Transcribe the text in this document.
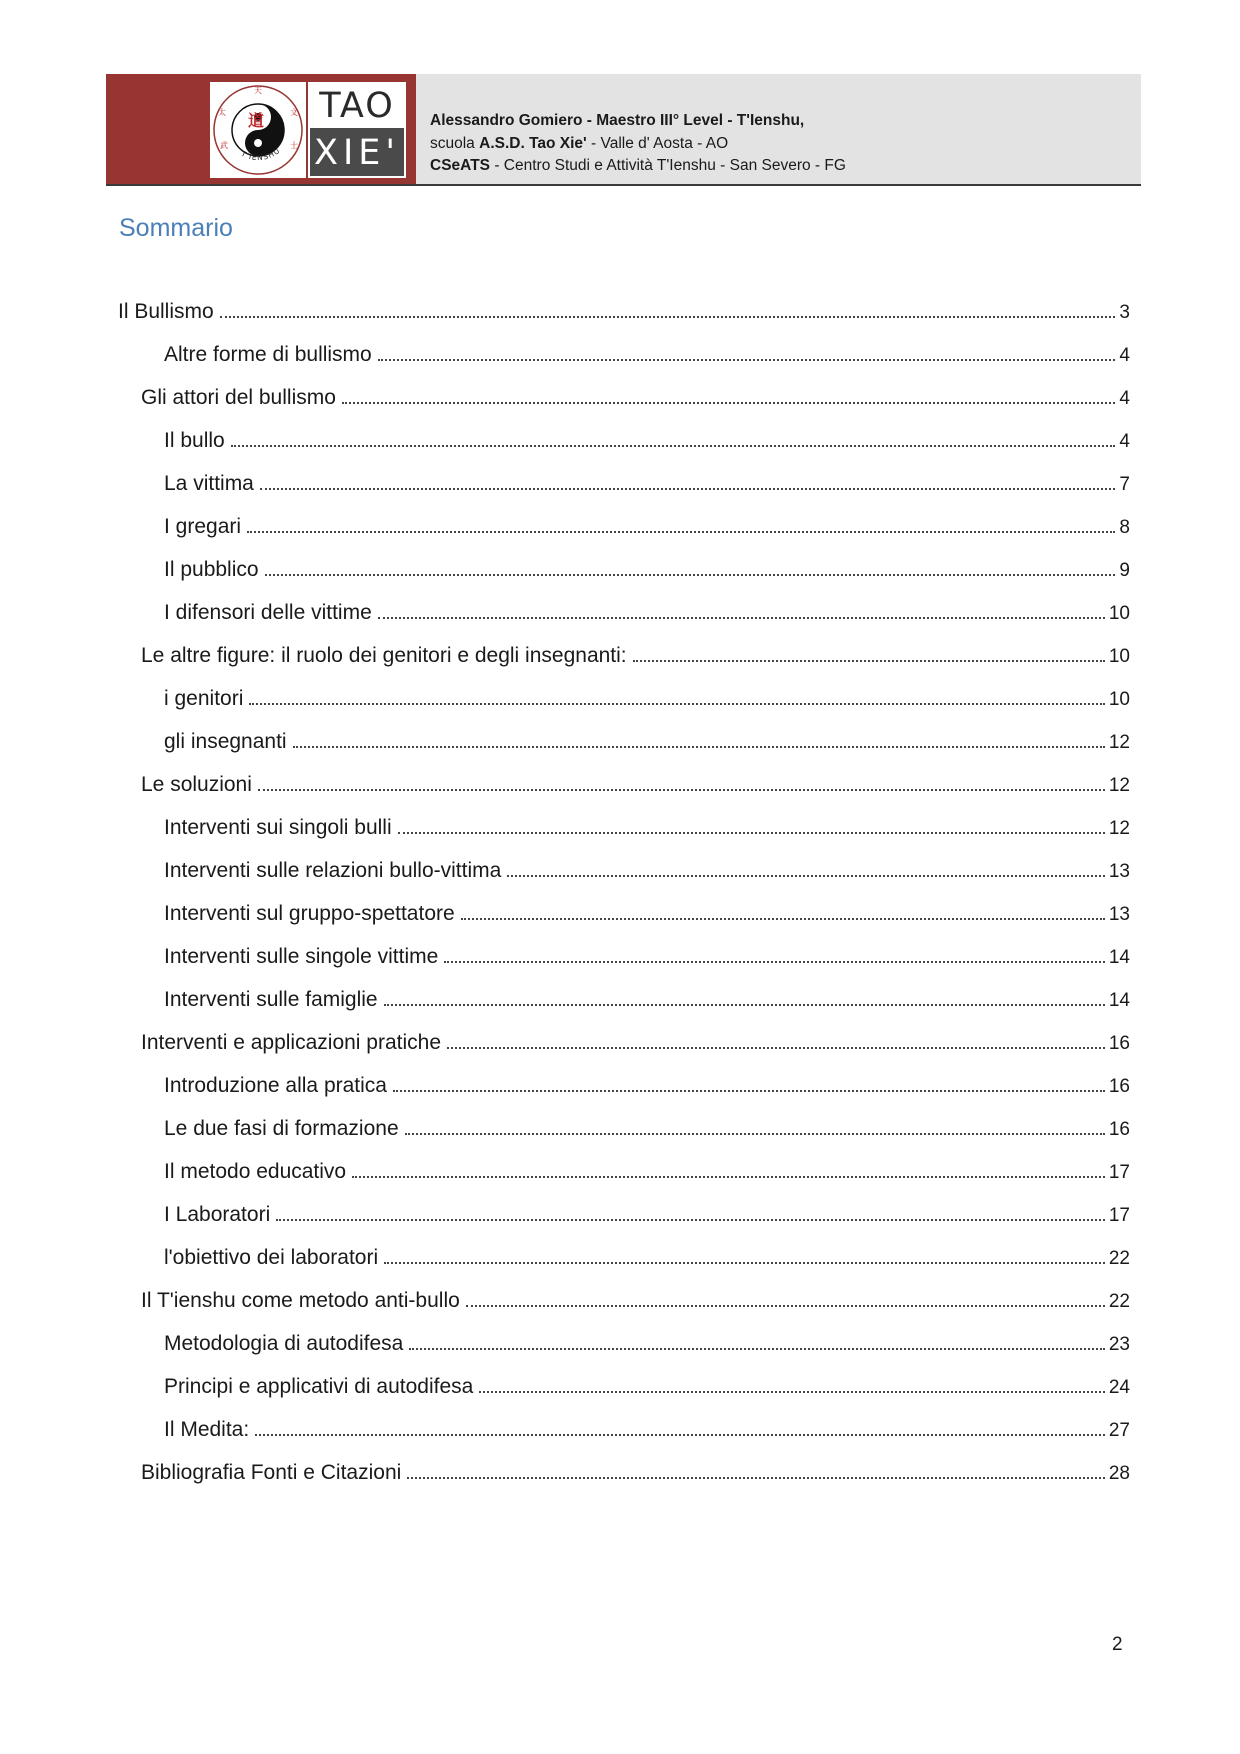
道
天
文
太
武	士
T'IENSHU
TAO
XIE'
Alessandro Gomiero - Maestro III° Level - T'Ienshu,
scuola A.S.D. Tao Xie' - Valle d' Aosta - AO
CSeATS - Centro Studi e Attività T'Ienshu - San Severo - FG
Sommario
Il Bullismo	3
Altre forme di bullismo	4
Gli attori del bullismo	4
Il bullo	4
La vittima	7
I gregari	8
Il pubblico	9
I difensori delle vittime	10
Le altre figure: il ruolo dei genitori e degli insegnanti:	10
i genitori	10
gli insegnanti	12
Le soluzioni	12
Interventi sui singoli bulli	12
Interventi sulle relazioni bullo-vittima	13
Interventi sul gruppo-spettatore	13
Interventi sulle singole vittime	14
Interventi sulle famiglie	14
Interventi e applicazioni pratiche	16
Introduzione alla pratica	16
Le due fasi di formazione	16
Il metodo educativo	17
I Laboratori	17
l'obiettivo dei laboratori	22
Il T'ienshu come metodo anti-bullo	22
Metodologia di autodifesa	23
Principi e applicativi di autodifesa	24
Il Medita:	27
Bibliografia Fonti e Citazioni	28
2
